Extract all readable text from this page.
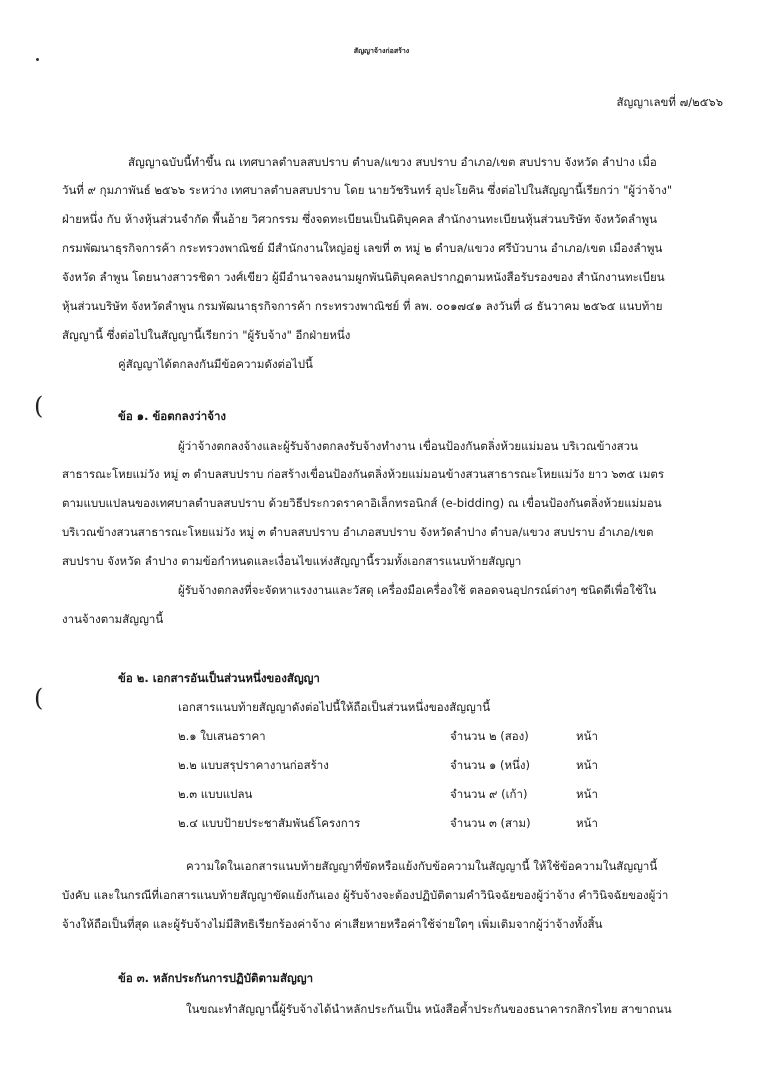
(
(
สัญญาจ้างก่อสร้าง
สัญญาเลขที่ ๗/๒๕๖๖
สัญญาฉบับนี้ทำขึ้น ณ เทศบาลตำบลสบปราบ ตำบล/แขวง สบปราบ อำเภอ/เขต สบปราบ จังหวัด ลำปาง เมื่อ
วันที่ ๙ กุมภาพันธ์ ๒๕๖๖ ระหว่าง เทศบาลตำบลสบปราบ โดย นายวัชรินทร์ อุปะโยคิน ซึ่งต่อไปในสัญญานี้เรียกว่า "ผู้ว่าจ้าง"
ฝ่ายหนึ่ง กับ ห้างหุ้นส่วนจำกัด พื้นอ้าย วิศวกรรม ซึ่งจดทะเบียนเป็นนิติบุคคล สำนักงานทะเบียนหุ้นส่วนบริษัท จังหวัดลำพูน
กรมพัฒนาธุรกิจการค้า กระทรวงพาณิชย์ มีสำนักงานใหญ่อยู่ เลขที่ ๓ หมู่ ๒ ตำบล/แขวง ศรีบัวบาน อำเภอ/เขต เมืองลำพูน
จังหวัด ลำพูน โดยนางสาวรชิดา วงศ์เขียว ผู้มีอำนาจลงนามผูกพันนิติบุคคลปรากฏตามหนังสือรับรองของ สำนักงานทะเบียน
หุ้นส่วนบริษัท จังหวัดลำพูน กรมพัฒนาธุรกิจการค้า กระทรวงพาณิชย์ ที่ ลพ. ๐๐๑๗๔๑ ลงวันที่ ๘ ธันวาคม ๒๕๖๕ แนบท้าย
สัญญานี้ ซึ่งต่อไปในสัญญานี้เรียกว่า "ผู้รับจ้าง" อีกฝ่ายหนึ่ง
คู่สัญญาได้ตกลงกันมีข้อความดังต่อไปนี้
ข้อ ๑. ข้อตกลงว่าจ้าง
ผู้ว่าจ้างตกลงจ้างและผู้รับจ้างตกลงรับจ้างทำงาน เขื่อนป้องกันตลิ่งห้วยแม่มอน บริเวณข้างสวน
สาธารณะโหยแม่วัง หมู่ ๓ ตำบลสบปราบ ก่อสร้างเขื่อนป้องกันตลิ่งห้วยแม่มอนข้างสวนสาธารณะโหยแม่วัง ยาว ๖๓๕ เมตร
ตามแบบแปลนของเทศบาลตำบลสบปราบ ด้วยวิธีประกวดราคาอิเล็กทรอนิกส์ (e-bidding) ณ เขื่อนป้องกันตลิ่งห้วยแม่มอน
บริเวณข้างสวนสาธารณะโหยแม่วัง หมู่ ๓ ตำบลสบปราบ อำเภอสบปราบ จังหวัดลำปาง ตำบล/แขวง สบปราบ อำเภอ/เขต
สบปราบ จังหวัด ลำปาง ตามข้อกำหนดและเงื่อนไขแห่งสัญญานี้รวมทั้งเอกสารแนบท้ายสัญญา
ผู้รับจ้างตกลงที่จะจัดหาแรงงานและวัสดุ เครื่องมือเครื่องใช้ ตลอดจนอุปกรณ์ต่างๆ ชนิดดีเพื่อใช้ใน
งานจ้างตามสัญญานี้
ข้อ ๒. เอกสารอันเป็นส่วนหนึ่งของสัญญา
เอกสารแนบท้ายสัญญาดังต่อไปนี้ให้ถือเป็นส่วนหนึ่งของสัญญานี้
๒.๑ ใบเสนอราคา	จำนวน ๒ (สอง)	หน้า
๒.๒ แบบสรุปราคางานก่อสร้าง	จำนวน ๑ (หนึ่ง)	หน้า
๒.๓ แบบแปลน	จำนวน ๙ (เก้า)	หน้า
๒.๔ แบบป้ายประชาสัมพันธ์โครงการ	จำนวน ๓ (สาม)	หน้า
ความใดในเอกสารแนบท้ายสัญญาที่ขัดหรือแย้งกับข้อความในสัญญานี้ ให้ใช้ข้อความในสัญญานี้
บังคับ และในกรณีที่เอกสารแนบท้ายสัญญาขัดแย้งกันเอง ผู้รับจ้างจะต้องปฏิบัติตามคำวินิจฉัยของผู้ว่าจ้าง คำวินิจฉัยของผู้ว่า
จ้างให้ถือเป็นที่สุด และผู้รับจ้างไม่มีสิทธิเรียกร้องค่าจ้าง ค่าเสียหายหรือค่าใช้จ่ายใดๆ เพิ่มเติมจากผู้ว่าจ้างทั้งสิ้น
ข้อ ๓. หลักประกันการปฏิบัติตามสัญญา
ในขณะทำสัญญานี้ผู้รับจ้างได้นำหลักประกันเป็น หนังสือค้ำประกันของธนาคารกสิกรไทย สาขาถนน
